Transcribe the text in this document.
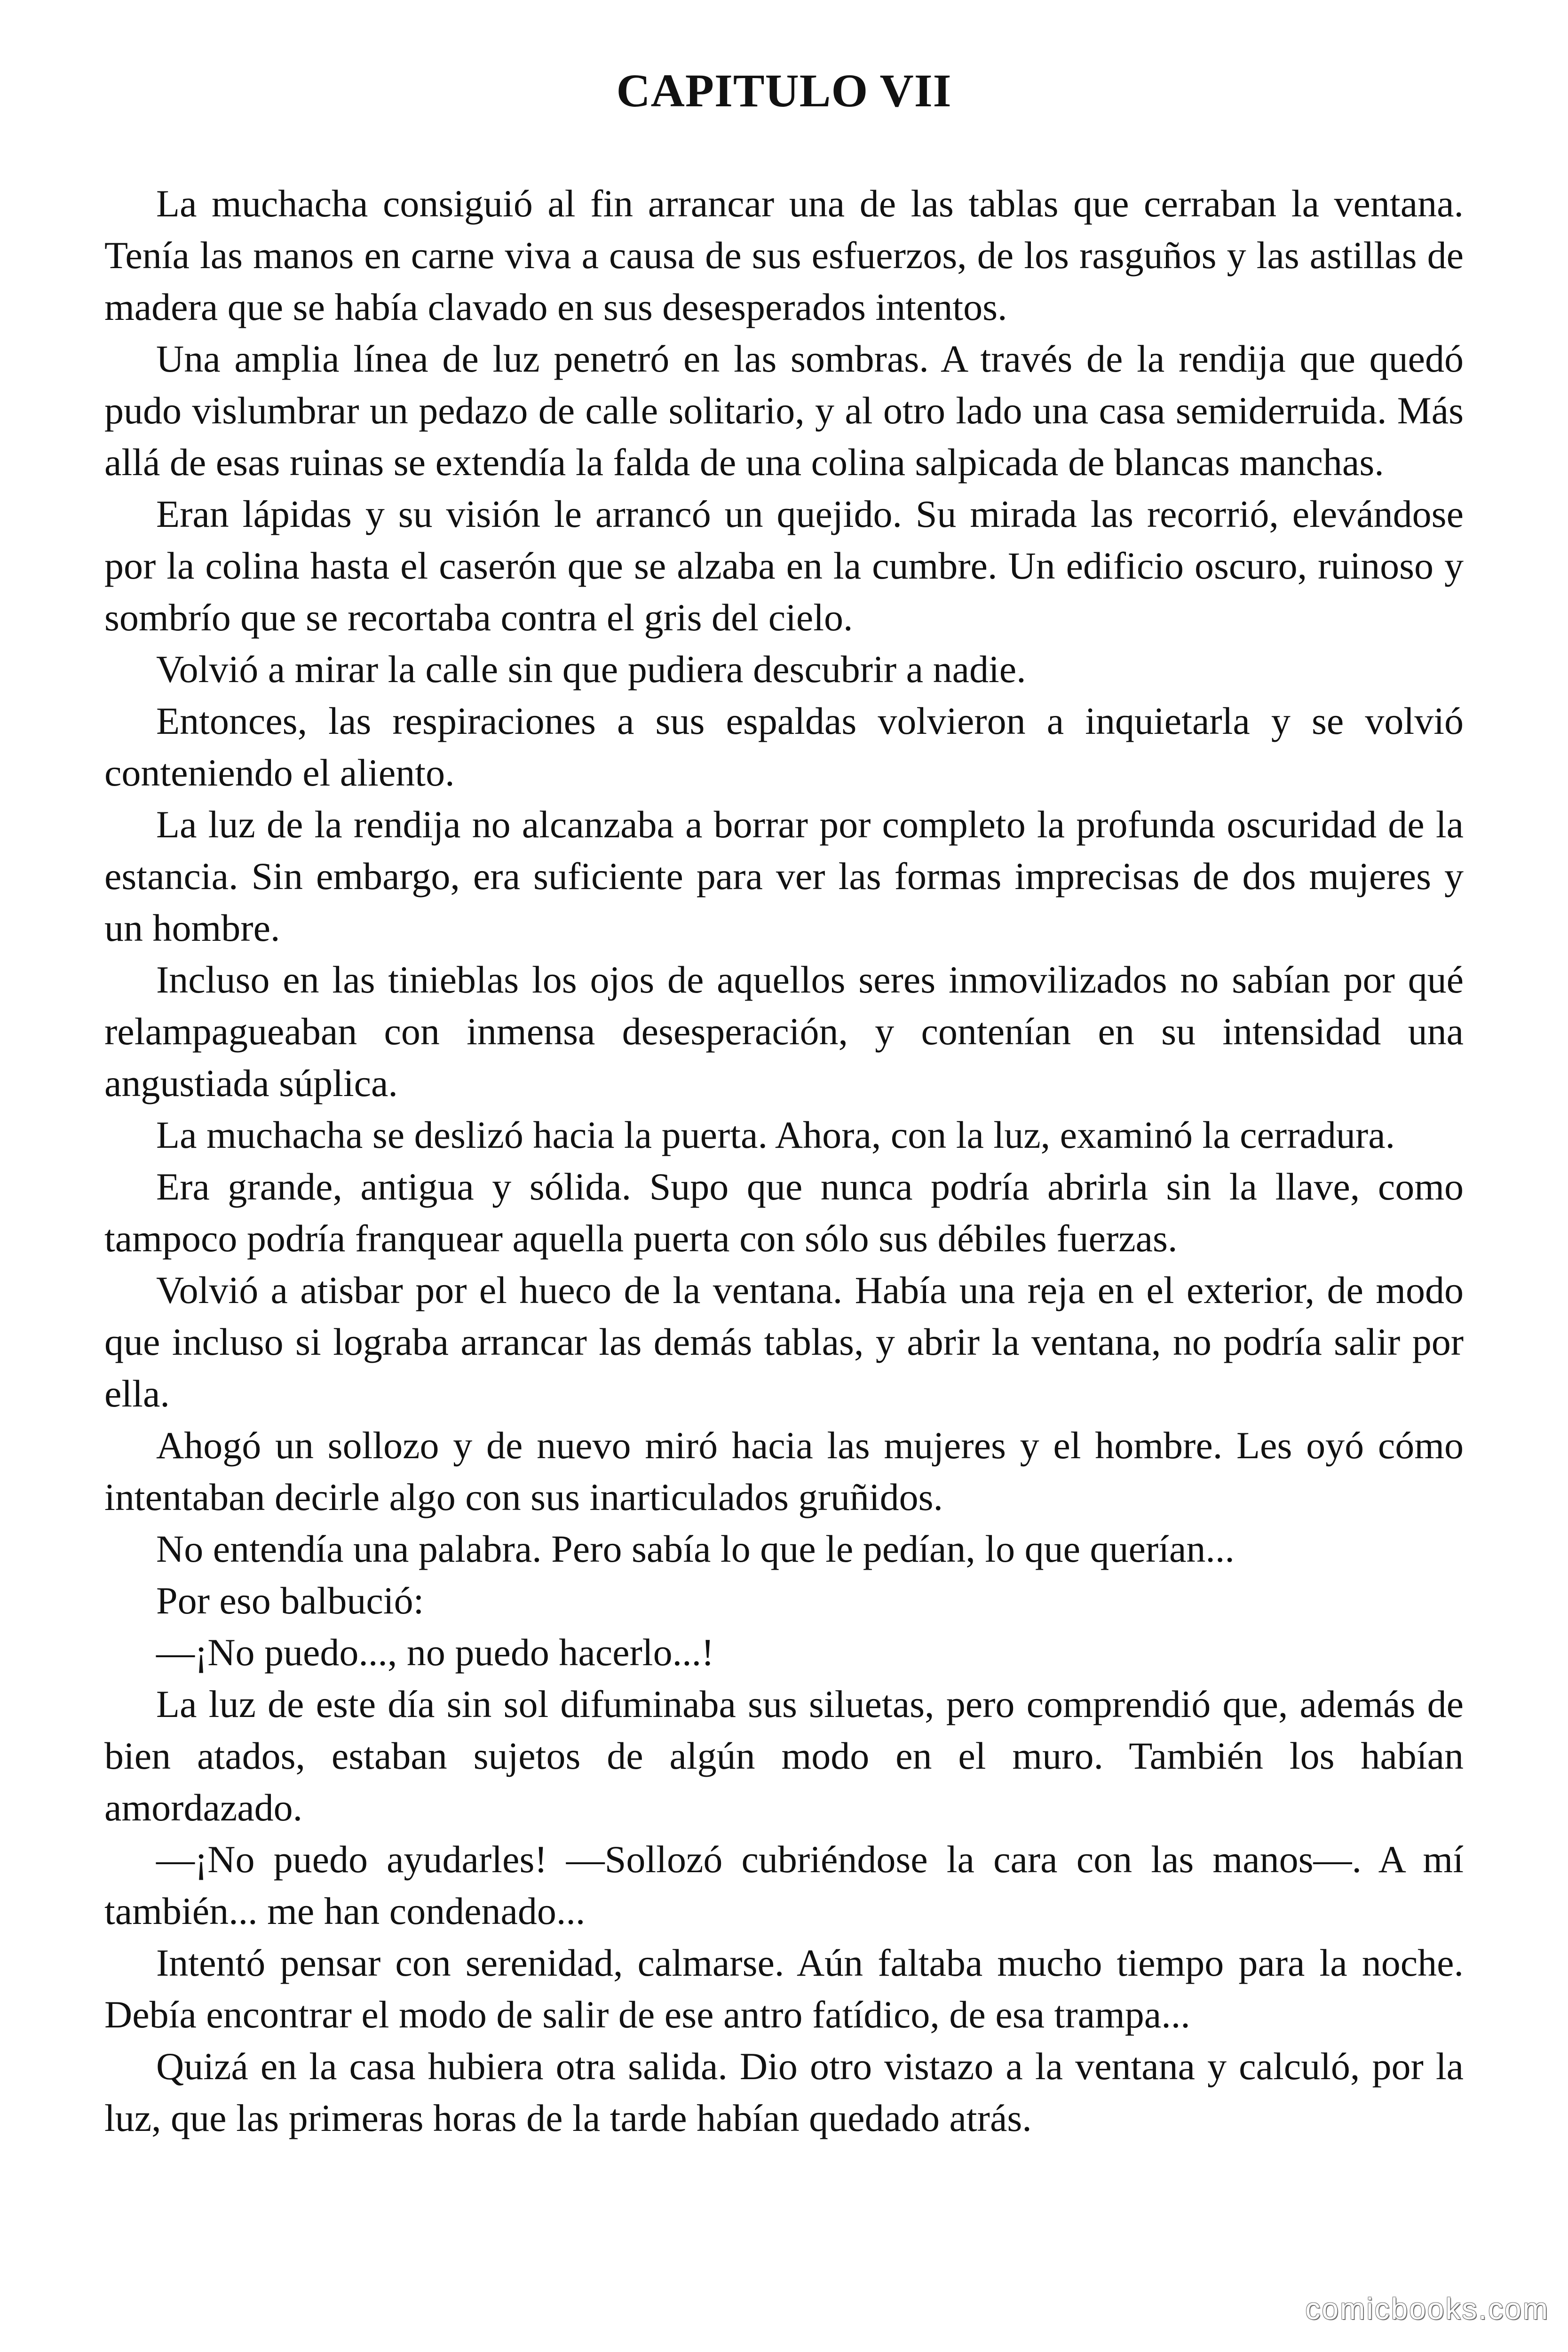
CAPITULO VII

La muchacha consiguió al fin arrancar una de las tablas que cerraban la ventana. Tenía las manos en carne viva a causa de sus esfuerzos, de los rasguños y las astillas de madera que se había clavado en sus desesperados intentos.

Una amplia línea de luz penetró en las sombras. A través de la rendija que quedó pudo vislumbrar un pedazo de calle solitario, y al otro lado una casa semiderruida. Más allá de esas ruinas se extendía la falda de una colina salpicada de blancas manchas.

Eran lápidas y su visión le arrancó un quejido. Su mirada las recorrió, elevándose por la colina hasta el caserón que se alzaba en la cumbre. Un edificio oscuro, ruinoso y sombrío que se recortaba contra el gris del cielo.

Volvió a mirar la calle sin que pudiera descubrir a nadie.

Entonces, las respiraciones a sus espaldas volvieron a inquietarla y se volvió conteniendo el aliento.

La luz de la rendija no alcanzaba a borrar por completo la profunda oscuridad de la estancia. Sin embargo, era suficiente para ver las formas imprecisas de dos mujeres y un hombre.

Incluso en las tinieblas los ojos de aquellos seres inmovilizados no sabían por qué relampagueaban con inmensa desesperación, y contenían en su intensidad una angustiada súplica.

La muchacha se deslizó hacia la puerta. Ahora, con la luz, examinó la cerradura.

Era grande, antigua y sólida. Supo que nunca podría abrirla sin la llave, como tampoco podría franquear aquella puerta con sólo sus débiles fuerzas.

Volvió a atisbar por el hueco de la ventana. Había una reja en el exterior, de modo que incluso si lograba arrancar las demás tablas, y abrir la ventana, no podría salir por ella.

Ahogó un sollozo y de nuevo miró hacia las mujeres y el hombre. Les oyó cómo intentaban decirle algo con sus inarticulados gruñidos.

No entendía una palabra. Pero sabía lo que le pedían, lo que querían...

Por eso balbució:

—¡No puedo..., no puedo hacerlo...!

La luz de este día sin sol difuminaba sus siluetas, pero comprendió que, además de bien atados, estaban sujetos de algún modo en el muro. También los habían amordazado.

—¡No puedo ayudarles! —Sollozó cubriéndose la cara con las manos—. A mí también... me han condenado...

Intentó pensar con serenidad, calmarse. Aún faltaba mucho tiempo para la noche. Debía encontrar el modo de salir de ese antro fatídico, de esa trampa...

Quizá en la casa hubiera otra salida. Dio otro vistazo a la ventana y calculó, por la luz, que las primeras horas de la tarde habían quedado atrás.

comicbooks.com
